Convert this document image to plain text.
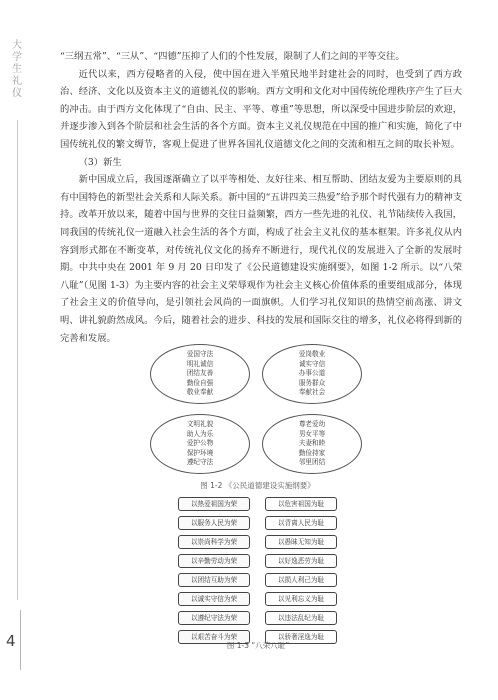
大学生礼仪

“三纲五常”、“三从”、“四德”压抑了人们的个性发展，限制了人们之间的平等交往。

近代以来，西方侵略者的入侵，使中国在进入半殖民地半封建社会的同时，也受到了西方政治、经济、文化以及资本主义的道德礼仪的影响。西方文明和文化对中国传统伦理秩序产生了巨大的冲击。由于西方文化体现了“自由、民主、平等、尊重”等思想，所以深受中国进步阶层的欢迎，并逐步渗入到各个阶层和社会生活的各个方面。资本主义礼仪规范在中国的推广和实施，简化了中国传统礼仪的繁文缛节，客观上促进了世界各国礼仪道德文化之间的交流和相互之间的取长补短。

（3）新生

新中国成立后，我国逐渐确立了以平等相处、友好往来、相互帮助、团结友爱为主要原则的具有中国特色的新型社会关系和人际关系。新中国的“五讲四美三热爱”给予那个时代强有力的精神支持。改革开放以来，随着中国与世界的交往日益频繁，西方一些先进的礼仪、礼节陆续传入我国，同我国的传统礼仪一道融入社会生活的各个方面，构成了社会主义礼仪的基本框架。许多礼仪从内容到形式都在不断变革，对传统礼仪文化的扬弃不断进行，现代礼仪的发展进入了全新的发展时期。中共中央在 2001 年 9 月 20 日印发了《公民道德建设实施纲要》，如图 1-2 所示。以“八荣八耻”（见图 1-3）为主要内容的社会主义荣辱观作为社会主义核心价值体系的重要组成部分，体现了社会主义的价值导向，是引领社会风尚的一面旗帜。人们学习礼仪知识的热情空前高涨、讲文明、讲礼貌蔚然成风。今后，随着社会的进步、科技的发展和国际交往的增多，礼仪必将得到新的完善和发展。

爱国守法
明礼诚信
团结友善
勤俭自强
敬业奉献
爱岗敬业
诚实守信
办事公道
服务群众
奉献社会
文明礼貌
助人为乐
爱护公物
保护环境
遵纪守法
尊老爱幼
男女平等
夫妻和睦
勤俭持家
邻里团结
图 1-2 《公民道德建设实施纲要》
以热爱祖国为荣
以服务人民为荣
以崇尚科学为荣
以辛勤劳动为荣
以团结互助为荣
以诚实守信为荣
以遵纪守法为荣
以艰苦奋斗为荣
以危害祖国为耻
以背离人民为耻
以愚昧无知为耻
以好逸恶劳为耻
以损人利己为耻
以见利忘义为耻
以违法乱纪为耻
以骄奢淫逸为耻
图 1-3 “八荣八耻”
4
